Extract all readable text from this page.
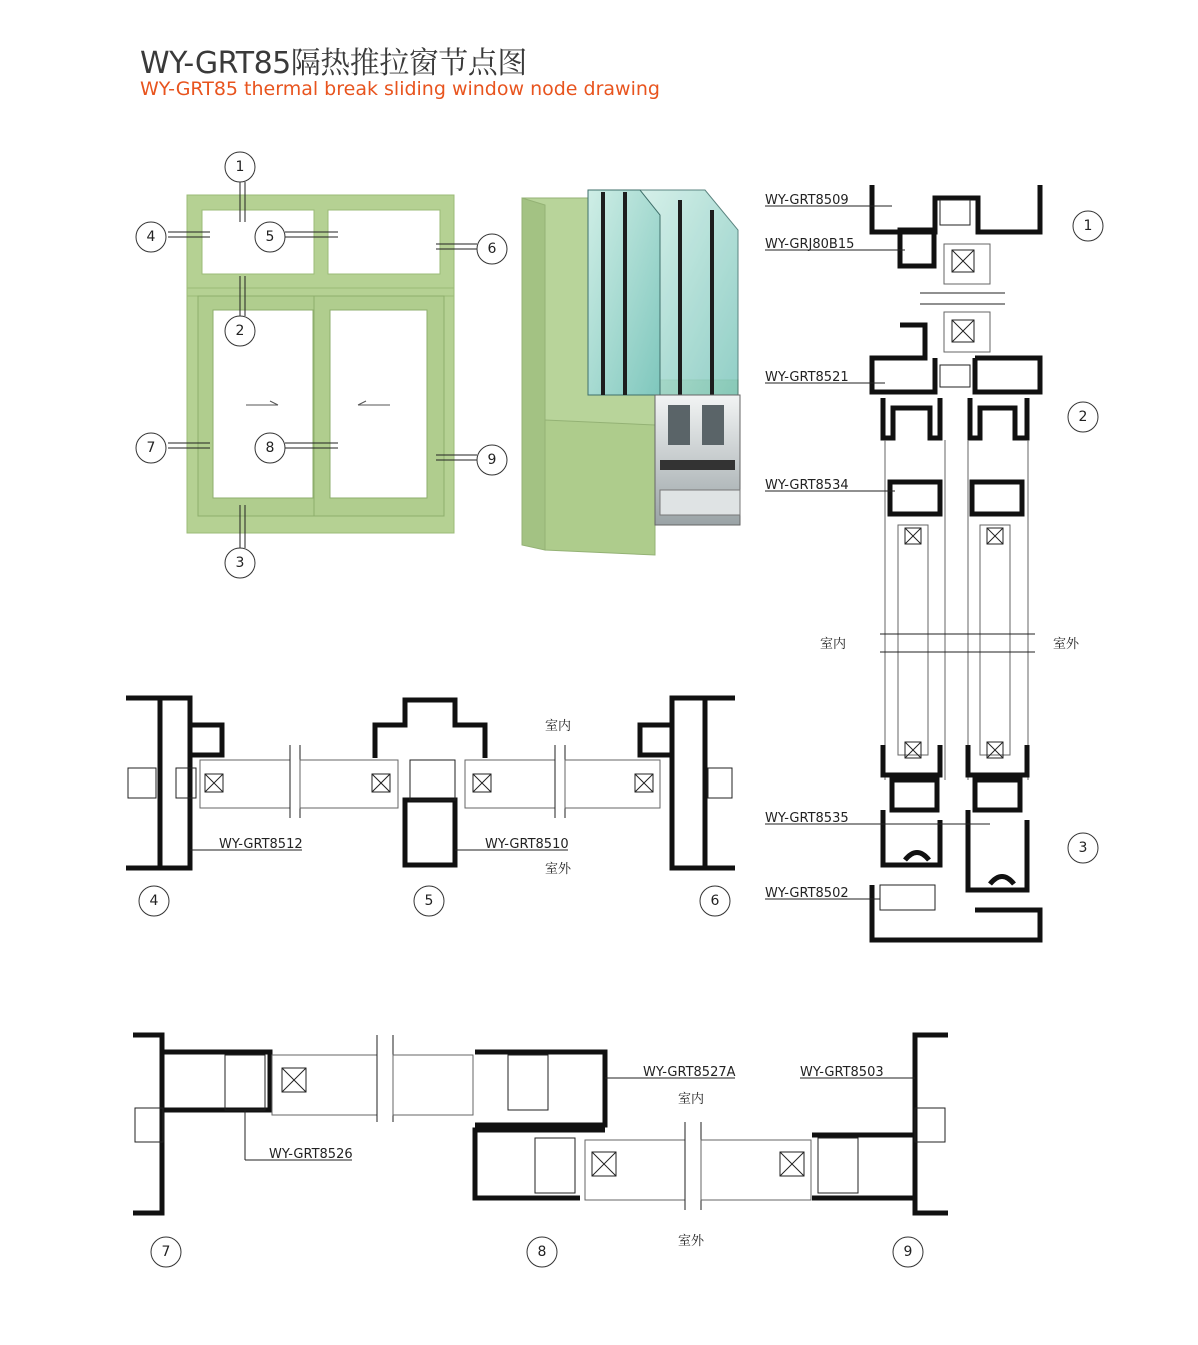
WY-GRT85隔热推拉窗节点图
WY-GRT85 thermal break sliding window node drawing
WY-GRT8509
WY-GRJ80B15
WY-GRT8521
WY-GRT8534
WY-GRT8535
WY-GRT8502
WY-GRT8512	WY-GRT8510
WY-GRT8526
WY-GRT8527A	WY-GRT8503
室内	室外
室内
室外
室内
室外
1
4	5
6
2
7	8
9
3
1
2
3
4	5	6
7	8	9
